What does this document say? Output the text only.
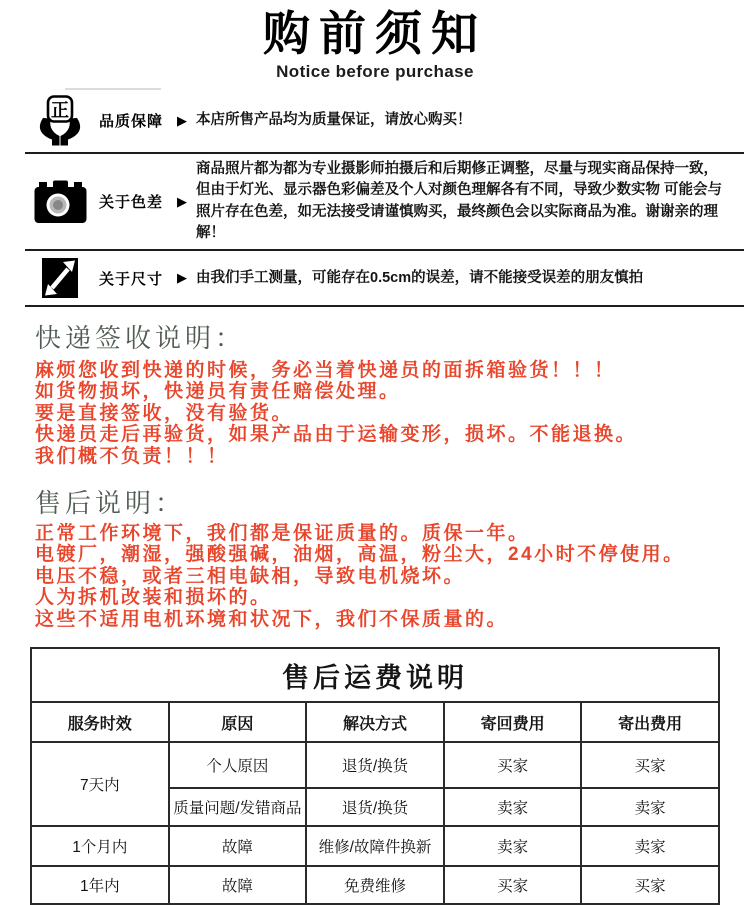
购前须知
Notice before purchase
正
品质保障	▶ 本店所售产品均为质量保证，请放心购买！
关于色差	▶
商品照片都为都为专业摄影师拍摄后和后期修正调整，尽量与现实商品保持一致，但由于灯光、显示器色彩偏差及个人对颜色理解各有不同，导致少数实物 可能会与照片存在色差，如无法接受请谨慎购买，最终颜色会以实际商品为准。谢谢亲的理解！
关于尺寸	▶ 由我们手工测量，可能存在0.5cm的误差，请不能接受误差的朋友慎拍
快递签收说明：
麻烦您收到快递的时候，务必当着快递员的面拆箱验货！！！
如货物损坏，快递员有责任赔偿处理。
要是直接签收，没有验货。
快递员走后再验货，如果产品由于运输变形，损坏。不能退换。
我们概不负责！！！
售后说明：
正常工作环境下，我们都是保证质量的。质保一年。
电镀厂，潮湿，强酸强碱，油烟，高温，粉尘大，24小时不停使用。
电压不稳，或者三相电缺相，导致电机烧坏。
人为拆机改装和损坏的。
这些不适用电机环境和状况下，我们不保质量的。
售后运费说明				
服务时效	原因	解决方式	寄回费用	寄出费用
7天内	个人原因	退货/换货	买家	买家
	质量问题/发错商品	退货/换货	卖家	卖家
1个月内	故障	维修/故障件换新	卖家	卖家
1年内	故障	免费维修	买家	买家
